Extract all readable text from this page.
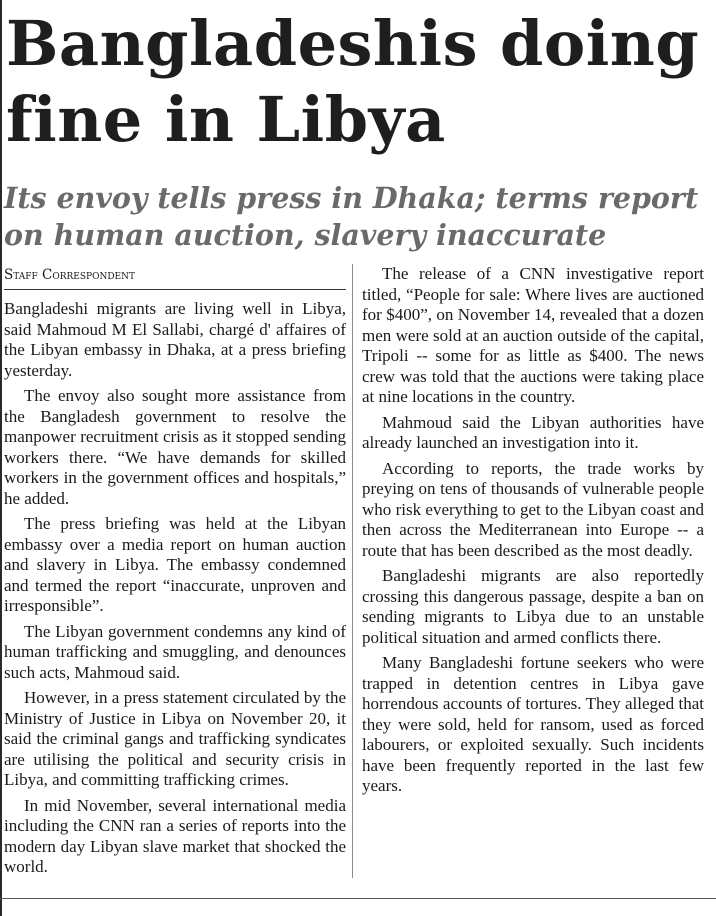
Bangladeshis doing fine in Libya
Its envoy tells press in Dhaka; terms report on human auction, slavery inaccurate
Staff Correspondent

Bangladeshi migrants are living well in Libya, said Mahmoud M El Sallabi, chargé d' affaires of the Libyan embassy in Dhaka, at a press briefing yesterday.

The envoy also sought more assistance from the Bangladesh government to resolve the manpower recruitment crisis as it stopped sending workers there. “We have demands for skilled workers in the government offices and hospitals,” he added.

The press briefing was held at the Libyan embassy over a media report on human auction and slavery in Libya. The embassy condemned and termed the report “inaccurate, unproven and irresponsible”.

The Libyan government condemns any kind of human trafficking and smuggling, and denounces such acts, Mahmoud said.

However, in a press statement circulated by the Ministry of Justice in Libya on November 20, it said the criminal gangs and trafficking syndicates are utilising the political and security crisis in Libya, and committing trafficking crimes.

In mid November, several international media including the CNN ran a series of reports into the modern day Libyan slave market that shocked the world.

The release of a CNN investigative report titled, “People for sale: Where lives are auctioned for $400”, on November 14, revealed that a dozen men were sold at an auction outside of the capital, Tripoli -- some for as little as $400. The news crew was told that the auctions were taking place at nine locations in the country.

Mahmoud said the Libyan authorities have already launched an investigation into it.

According to reports, the trade works by preying on tens of thousands of vulnerable people who risk everything to get to the Libyan coast and then across the Mediterranean into Europe -- a route that has been described as the most deadly.

Bangladeshi migrants are also reportedly crossing this dangerous passage, despite a ban on sending migrants to Libya due to an unstable political situation and armed conflicts there.

Many Bangladeshi fortune seekers who were trapped in detention centres in Libya gave horrendous accounts of tortures. They alleged that they were sold, held for ransom, used as forced labourers, or exploited sexually. Such incidents have been frequently reported in the last few years.
